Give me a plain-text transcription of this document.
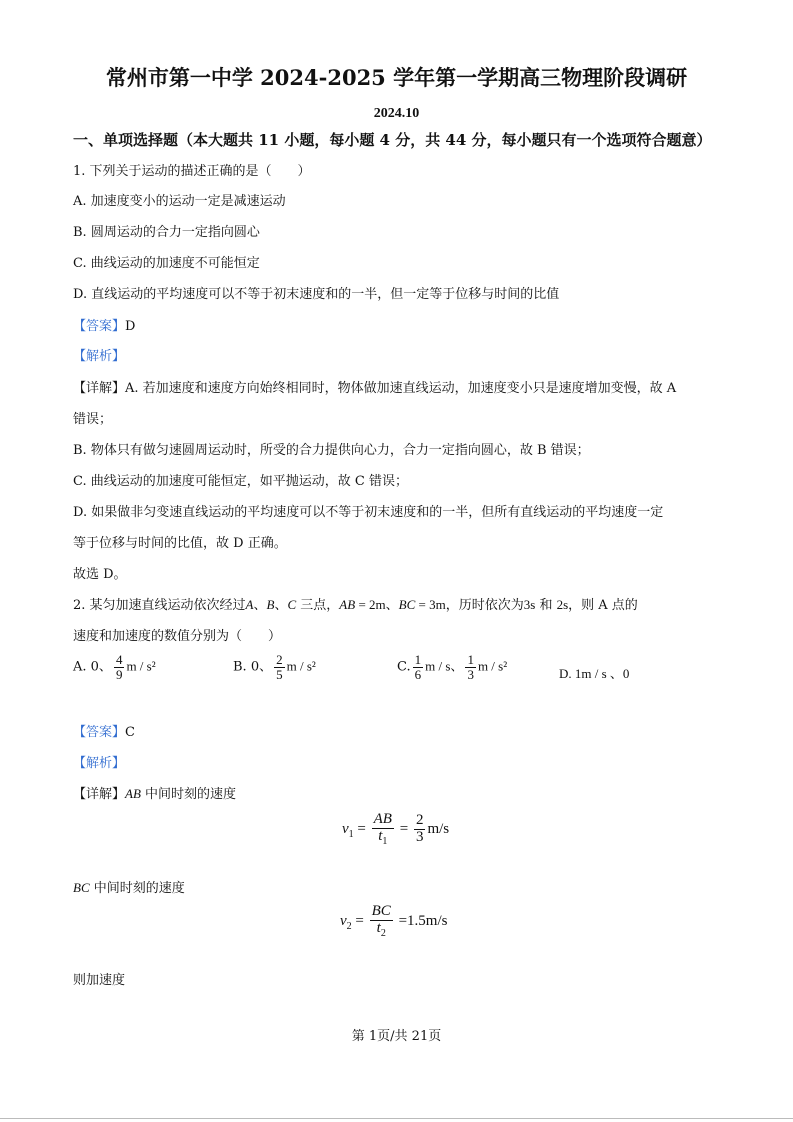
常州市第一中学 2024-2025 学年第一学期高三物理阶段调研
2024.10
一、单项选择题（本大题共 11 小题，每小题 4 分，共 44 分，每小题只有一个选项符合题意）
1. 下列关于运动的描述正确的是（　　）
A. 加速度变小的运动一定是减速运动
B. 圆周运动的合力一定指向圆心
C. 曲线运动的加速度不可能恒定
D. 直线运动的平均速度可以不等于初末速度和的一半，但一定等于位移与时间的比值
【答案】D
【解析】
【详解】A. 若加速度和速度方向始终相同时，物体做加速直线运动，加速度变小只是速度增加变慢，故 A
错误；
B. 物体只有做匀速圆周运动时，所受的合力提供向心力，合力一定指向圆心，故 B 错误；
C. 曲线运动的加速度可能恒定，如平抛运动，故 C 错误；
D. 如果做非匀变速直线运动的平均速度可以不等于初末速度和的一半，但所有直线运动的平均速度一定
等于位移与时间的比值，故 D 正确。
故选 D。
2. 某匀加速直线运动依次经过A、B、C 三点，AB = 2m、BC = 3m，历时依次为3s 和 2s，则 A 点的
速度和加速度的数值分别为（　　）
A. 0、 $\frac{4}{9}$ m / s²	B. 0、 $\frac{2}{5}$ m / s²	C. $\frac{1}{6}$ m / s、 $\frac{1}{3}$ m / s²	D. 1m / s 、0
【答案】C
【解析】
【详解】AB 中间时刻的速度
$v_1 = \frac{AB}{t_1} = \frac{2}{3} m/s$
BC 中间时刻的速度
$v_2 = \frac{BC}{t_2} =1.5m/s$
则加速度
第 1页/共 21页
